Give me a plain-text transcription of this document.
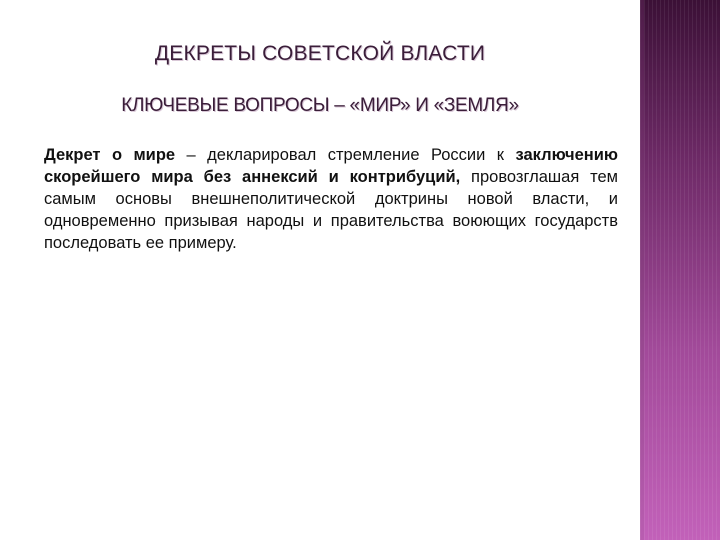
ДЕКРЕТЫ СОВЕТСКОЙ ВЛАСТИ
КЛЮЧЕВЫЕ ВОПРОСЫ – «МИР» И «ЗЕМЛЯ»

Декрет о мире – декларировал стремление России к заключению скорейшего мира без аннексий и контрибуций, провозглашая тем самым основы внешнеполитической доктрины новой власти, и одновременно призывая народы и правительства воюющих государств последовать ее примеру.
